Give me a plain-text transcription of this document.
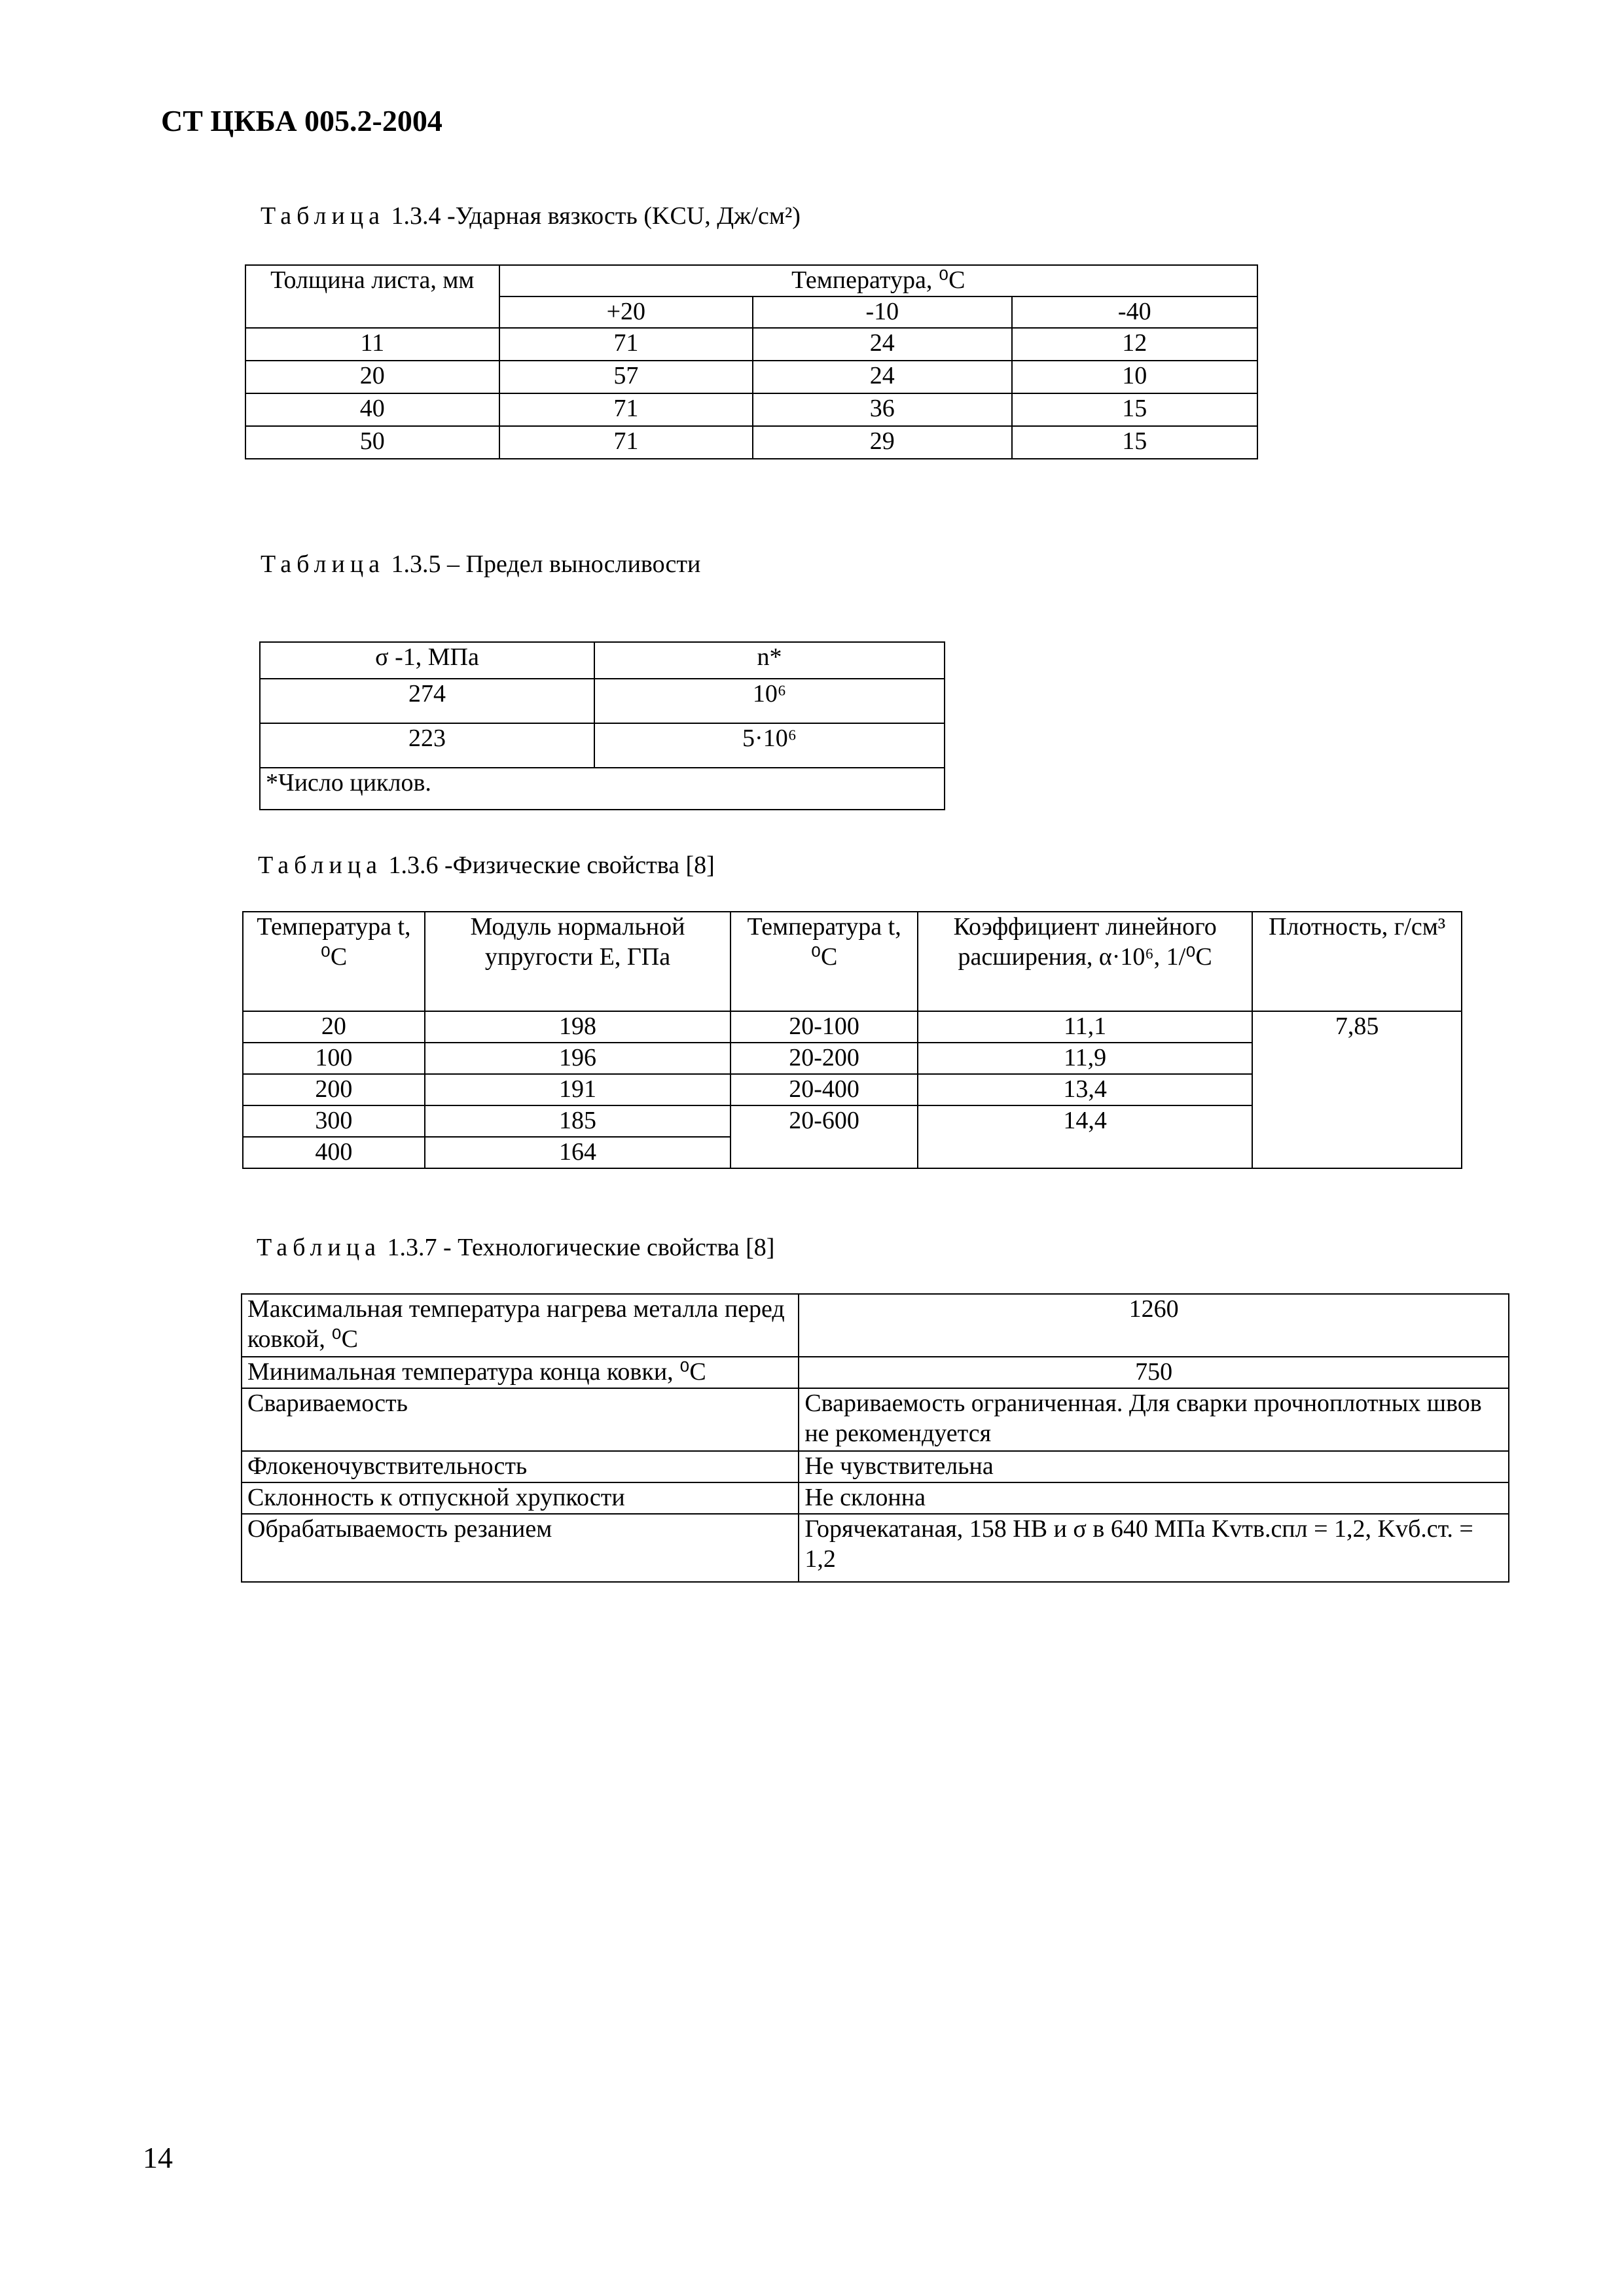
СТ ЦКБА 005.2-2004
Таблица 1.3.4 -Ударная вязкость (KCU, Дж/см²)
Толщина листа, мм	Температура, ⁰С		
	+20	-10	-40
11	71	24	12
20	57	24	10
40	71	36	15
50	71	29	15
Таблица 1.3.5 – Предел выносливости
σ -1, МПа	n*
274	10⁶
223	5·10⁶
*Число циклов.	
Таблица 1.3.6 -Физические свойства [8]
Температура t, ⁰С	Модуль нормальной упругости Е, ГПа	Температура t, ⁰С	Коэффициент линейного расширения, α·10⁶, 1/⁰С	Плотность, г/см³
20	198	20-100	11,1	7,85
100	196	20-200	11,9	
200	191	20-400	13,4	
300	185	20-600	14,4	
400	164			
Таблица 1.3.7 - Технологические свойства [8]
Максимальная температура нагрева металла перед ковкой, ⁰С	1260
Минимальная температура конца ковки, ⁰С	750
Свариваемость	Свариваемость ограниченная. Для сварки прочноплотных швов не рекомендуется
Флокеночувствительность	Не чувствительна
Склонность к отпускной хрупкости	Не склонна
Обрабатываемость резанием	Горячекатаная, 158 НВ и σ в 640 МПа Kvтв.спл = 1,2, Kvб.ст. = 1,2
14
